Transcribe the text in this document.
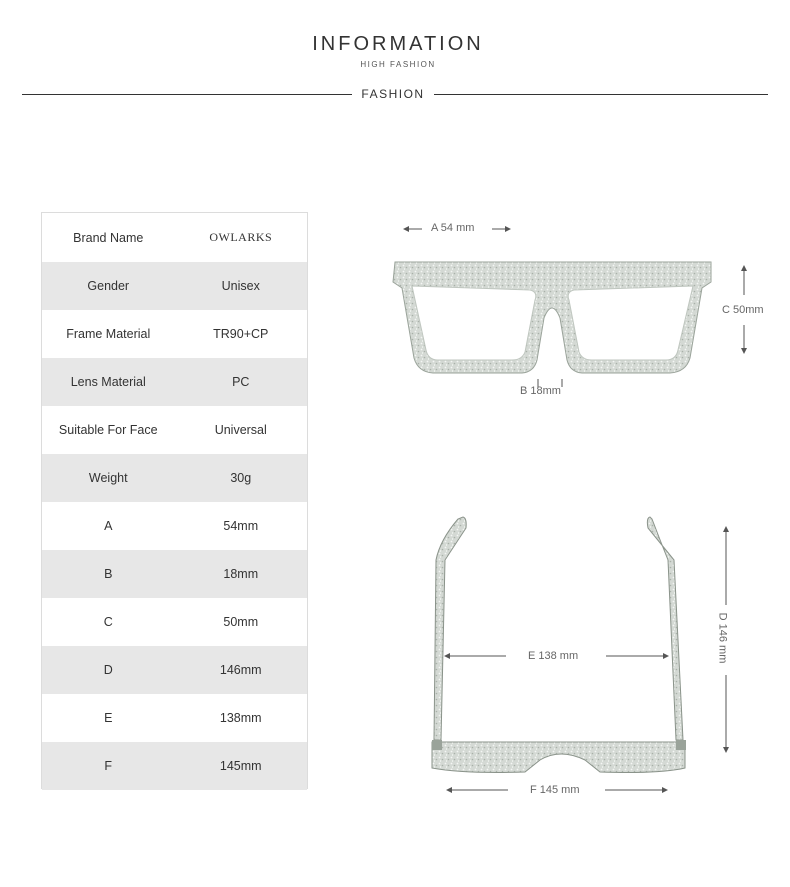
INFORMATION
HIGH FASHION
FASHION
Brand Name	OWLARKS
Gender	Unisex
Frame Material	TR90+CP
Lens Material	PC
Suitable For Face	Universal
Weight	30g
A	54mm
B	18mm
C	50mm
D	146mm
E	138mm
F	145mm
A 54 mm
B 18mm
C 50mm
D 146 mm
E 138 mm
F 145 mm
